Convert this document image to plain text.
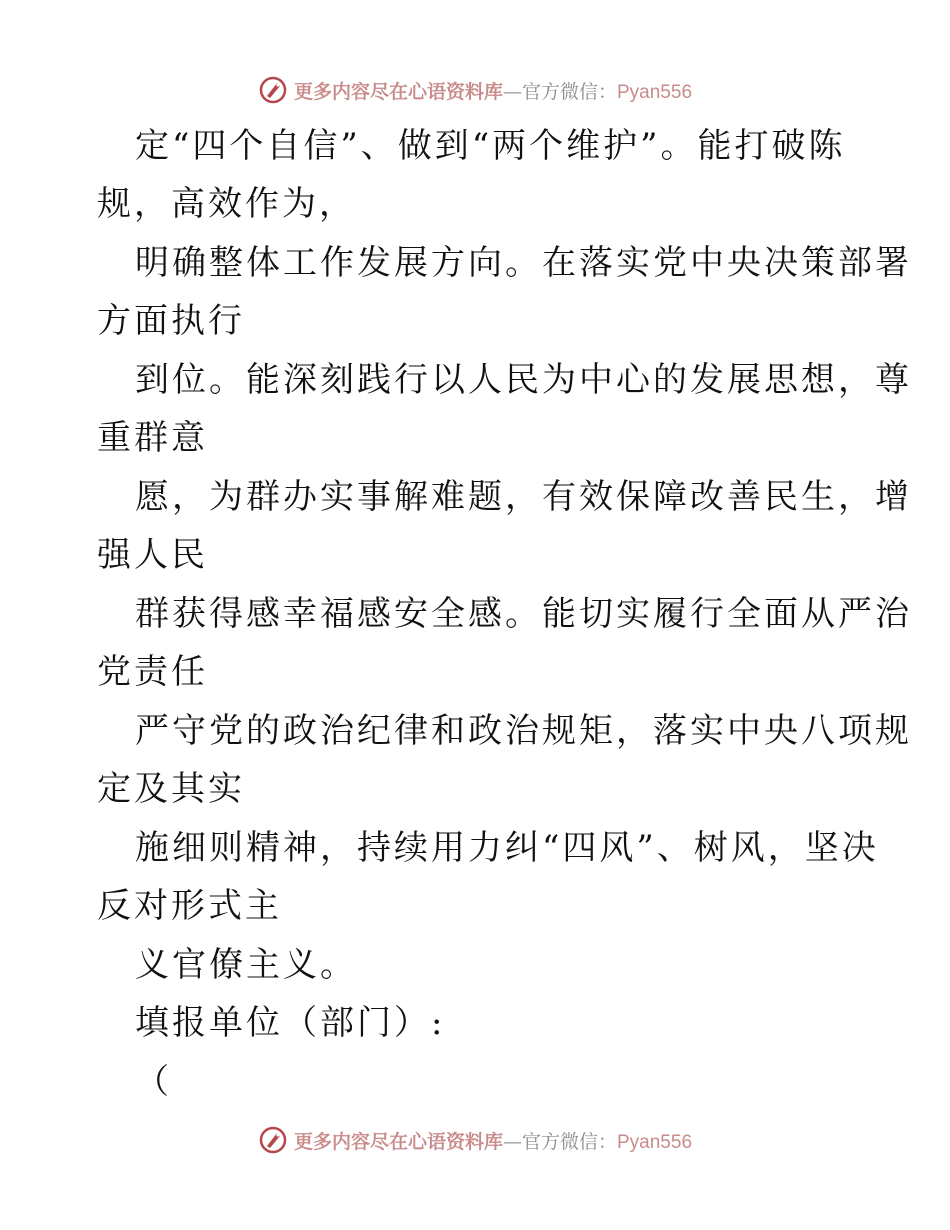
更多内容尽在心语资料库—官方微信：Pyan556
定“四个自信”、做到“两个维护”。能打破陈
规，高效作为，
明确整体工作发展方向。在落实党中央决策部署
方面执行
到位。能深刻践行以人民为中心的发展思想，尊
重群意
愿，为群办实事解难题，有效保障改善民生，增
强人民
群获得感幸福感安全感。能切实履行全面从严治
党责任
严守党的政治纪律和政治规矩，落实中央八项规
定及其实
施细则精神，持续用力纠“四风”、树风，坚决
反对形式主
义官僚主义。
填报单位（部门）:
（
更多内容尽在心语资料库—官方微信：Pyan556
